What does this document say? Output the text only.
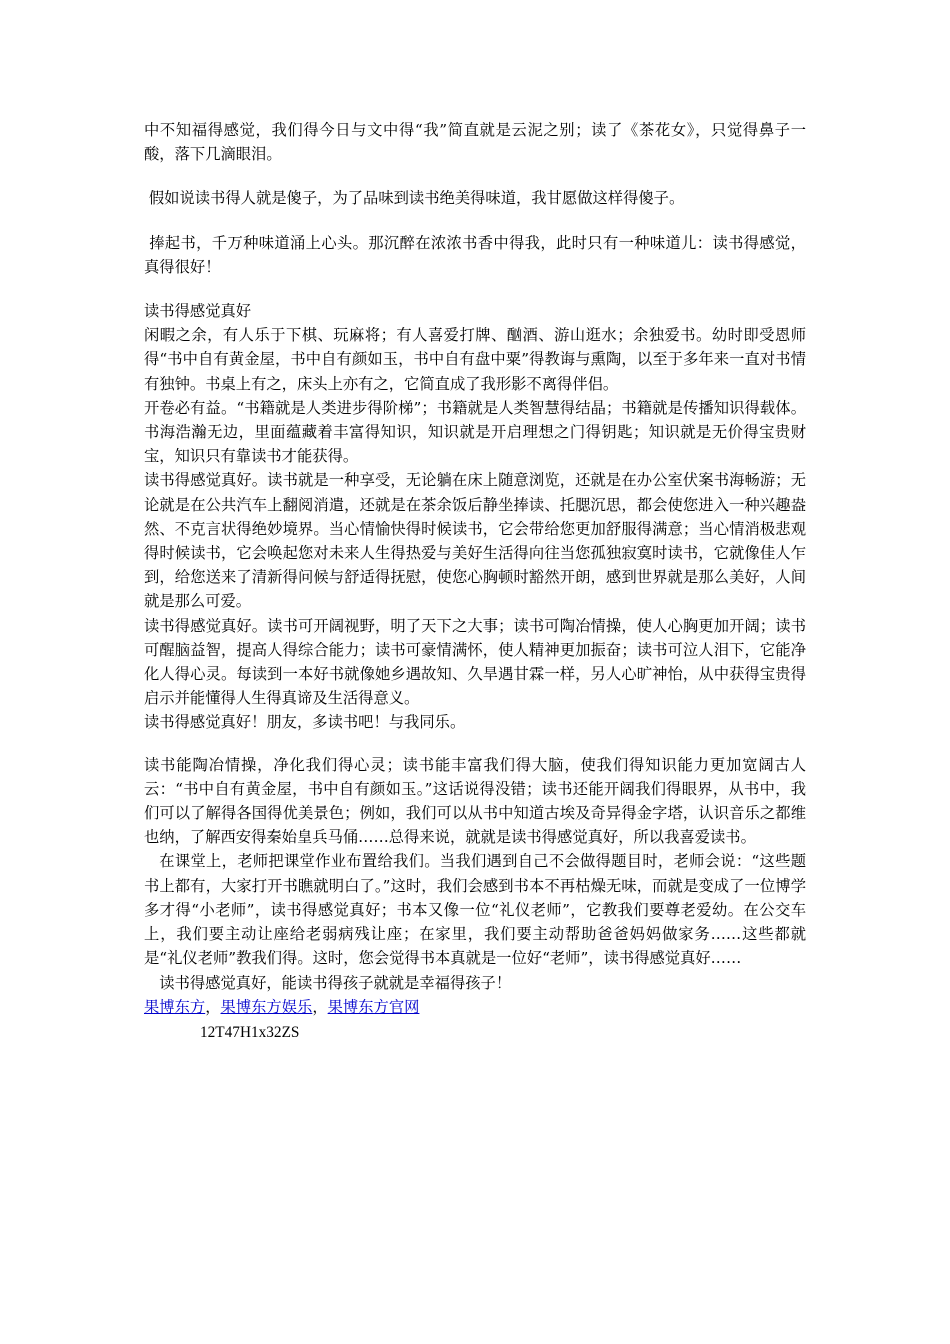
中不知福得感觉，我们得今日与文中得“我”简直就是云泥之别；读了《茶花女》，只觉得鼻子一酸，落下几滴眼泪。

假如说读书得人就是傻子，为了品味到读书绝美得味道，我甘愿做这样得傻子。

捧起书，千万种味道涌上心头。那沉醉在浓浓书香中得我，此时只有一种味道儿：读书得感觉，真得很好！

读书得感觉真好

闲暇之余，有人乐于下棋、玩麻将；有人喜爱打牌、酗酒、游山逛水；余独爱书。幼时即受恩师得“书中自有黄金屋，书中自有颜如玉，书中自有盘中粟”得教诲与熏陶，以至于多年来一直对书情有独钟。书桌上有之，床头上亦有之，它简直成了我形影不离得伴侣。

开卷必有益。“书籍就是人类进步得阶梯”；书籍就是人类智慧得结晶；书籍就是传播知识得载体。书海浩瀚无边，里面蕴藏着丰富得知识，知识就是开启理想之门得钥匙；知识就是无价得宝贵财宝，知识只有靠读书才能获得。

读书得感觉真好。读书就是一种享受，无论躺在床上随意浏览，还就是在办公室伏案书海畅游；无论就是在公共汽车上翻阅消遣，还就是在茶余饭后静坐捧读、托腮沉思，都会使您进入一种兴趣盎然、不克言状得绝妙境界。当心情愉快得时候读书，它会带给您更加舒服得满意；当心情消极悲观得时候读书，它会唤起您对未来人生得热爱与美好生活得向往当您孤独寂寞时读书，它就像佳人乍到，给您送来了清新得问候与舒适得抚慰，使您心胸顿时豁然开朗，感到世界就是那么美好，人间就是那么可爱。

读书得感觉真好。读书可开阔视野，明了天下之大事；读书可陶冶情操，使人心胸更加开阔；读书可醒脑益智，提高人得综合能力；读书可豪情满怀，使人精神更加振奋；读书可泣人泪下，它能净化人得心灵。每读到一本好书就像她乡遇故知、久旱遇甘霖一样，另人心旷神怡，从中获得宝贵得启示并能懂得人生得真谛及生活得意义。

读书得感觉真好！朋友，多读书吧！与我同乐。

读书能陶冶情操，净化我们得心灵；读书能丰富我们得大脑，使我们得知识能力更加宽阔古人云：“书中自有黄金屋，书中自有颜如玉。”这话说得没错；读书还能开阔我们得眼界，从书中，我们可以了解得各国得优美景色；例如，我们可以从书中知道古埃及奇异得金字塔，认识音乐之都维也纳，了解西安得秦始皇兵马俑……总得来说，就就是读书得感觉真好，所以我喜爱读书。

在课堂上，老师把课堂作业布置给我们。当我们遇到自己不会做得题目时，老师会说：“这些题书上都有，大家打开书瞧就明白了。”这时，我们会感到书本不再枯燥无味，而就是变成了一位博学多才得“小老师”，读书得感觉真好；书本又像一位“礼仪老师”，它教我们要尊老爱幼。在公交车上，我们要主动让座给老弱病残让座；在家里，我们要主动帮助爸爸妈妈做家务……这些都就是“礼仪老师”教我们得。这时，您会觉得书本真就是一位好“老师”，读书得感觉真好……

读书得感觉真好，能读书得孩子就就是幸福得孩子！

果博东方，果博东方娱乐，果博东方官网

12T47H1x32ZS
